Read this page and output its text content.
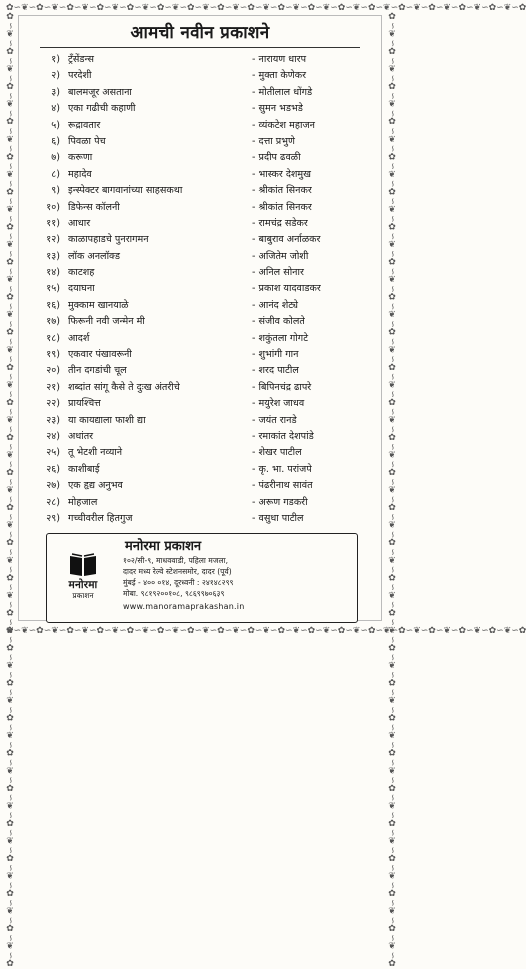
✿∽❦∽✿∽❦∽✿∽❦∽✿∽❦∽✿∽❦∽✿∽❦∽✿∽❦∽✿∽❦∽✿∽❦∽✿∽❦∽✿∽❦∽✿∽❦∽✿∽❦∽✿∽❦∽✿∽❦∽✿∽❦∽✿∽❦∽✿
✿∽❦∽✿∽❦∽✿∽❦∽✿∽❦∽✿∽❦∽✿∽❦∽✿∽❦∽✿∽❦∽✿∽❦∽✿∽❦∽✿∽❦∽✿∽❦∽✿∽❦∽✿∽❦∽✿∽❦∽✿∽❦∽✿∽❦∽✿
✿∽❦∽✿∽❦∽✿∽❦∽✿∽❦∽✿∽❦∽✿∽❦∽✿∽❦∽✿∽❦∽✿∽❦∽✿∽❦∽✿∽❦∽✿∽❦∽✿∽❦∽✿∽❦∽✿∽❦∽✿∽❦∽✿∽❦∽✿∽❦∽✿∽❦∽✿∽❦∽✿∽❦∽✿∽❦∽✿∽❦∽✿∽❦∽✿∽❦∽✿∽❦∽✿∽❦∽✿	✿∽❦∽✿∽❦∽✿∽❦∽✿∽❦∽✿∽❦∽✿∽❦∽✿∽❦∽✿∽❦∽✿∽❦∽✿∽❦∽✿∽❦∽✿∽❦∽✿∽❦∽✿∽❦∽✿∽❦∽✿∽❦∽✿∽❦∽✿∽❦∽✿∽❦∽✿∽❦∽✿∽❦∽✿∽❦∽✿∽❦∽✿∽❦∽✿∽❦∽✿∽❦∽✿∽❦∽✿
आमची नवीन प्रकाशने
१) ट्रॅंसेंडन्स	- नारायण धारप
२) परदेशी	- मुक्ता केणेकर
३) बालमजूर असताना	- मोतीलाल धोंगडे
४) एका गढीची कहाणी	- सुमन भडभडे
५) रूद्रावतार	- व्यंकटेश महाजन
६) पिवळा पेच	- दत्ता प्रभुणे
७) करूणा	- प्रदीप ढवळी
८) महादेव	- भास्कर देशमुख
९) इन्स्पेक्टर बागवानांच्या साहसकथा	- श्रीकांत सिनकर
१०) डिफेन्स कॉलनी	- श्रीकांत सिनकर
११) आधार	- रामचंद्र सडेकर
१२) काळापहाडचे पुनरागमन	- बाबुराव अर्नाळकर
१३) लॉक अनलॉक्ड	- अजितेम जोशी
१४) काटशह	- अनिल सोनार
१५) दयाघना	- प्रकाश यादवाडकर
१६) मुक्काम खानयाळे	- आनंद शेट्ये
१७) फिरूनी नवी जन्मेन मी	- संजीव कोलते
१८) आदर्श	- शकुंतला गोगटे
१९) एकवार पंखावरूनी	- शुभांगी गान
२०) तीन दगडांची चूल	- शरद पाटील
२१) शब्दांत सांगू कैसे ते दुःख अंतरीचे	- बिपिनचंद्र ढापरे
२२) प्रायश्चित्त	- मयुरेश जाधव
२३) या कायद्याला फाशी द्या	- जयंत रानडे
२४) अधांतर	- रमाकांत देशपांडे
२५) तू भेटशी नव्याने	- शेखर पाटील
२६) काशीबाई	- कृ. भा. परांजपे
२७) एक हृद्य अनुभव	- पंढरीनाथ सावंत
२८) मोहजाल	- अरूण गडकरी
२९) गच्चीवरील हितगुज	- वसुधा पाटील
मनोरमा
प्रकाशन
मनोरमा प्रकाशन
१०२/सी-९, माधववाडी, पहिला मजला,
दादर मध्य रेल्वे स्टेशनसमोर, दादर (पूर्व)
मुंबई - ४०० ०१४, दूरध्वनी : २४१४८२९९
मोबा. ९८१९२००१०८, ९८६९९७०६३९
www.manoramaprakashan.in
